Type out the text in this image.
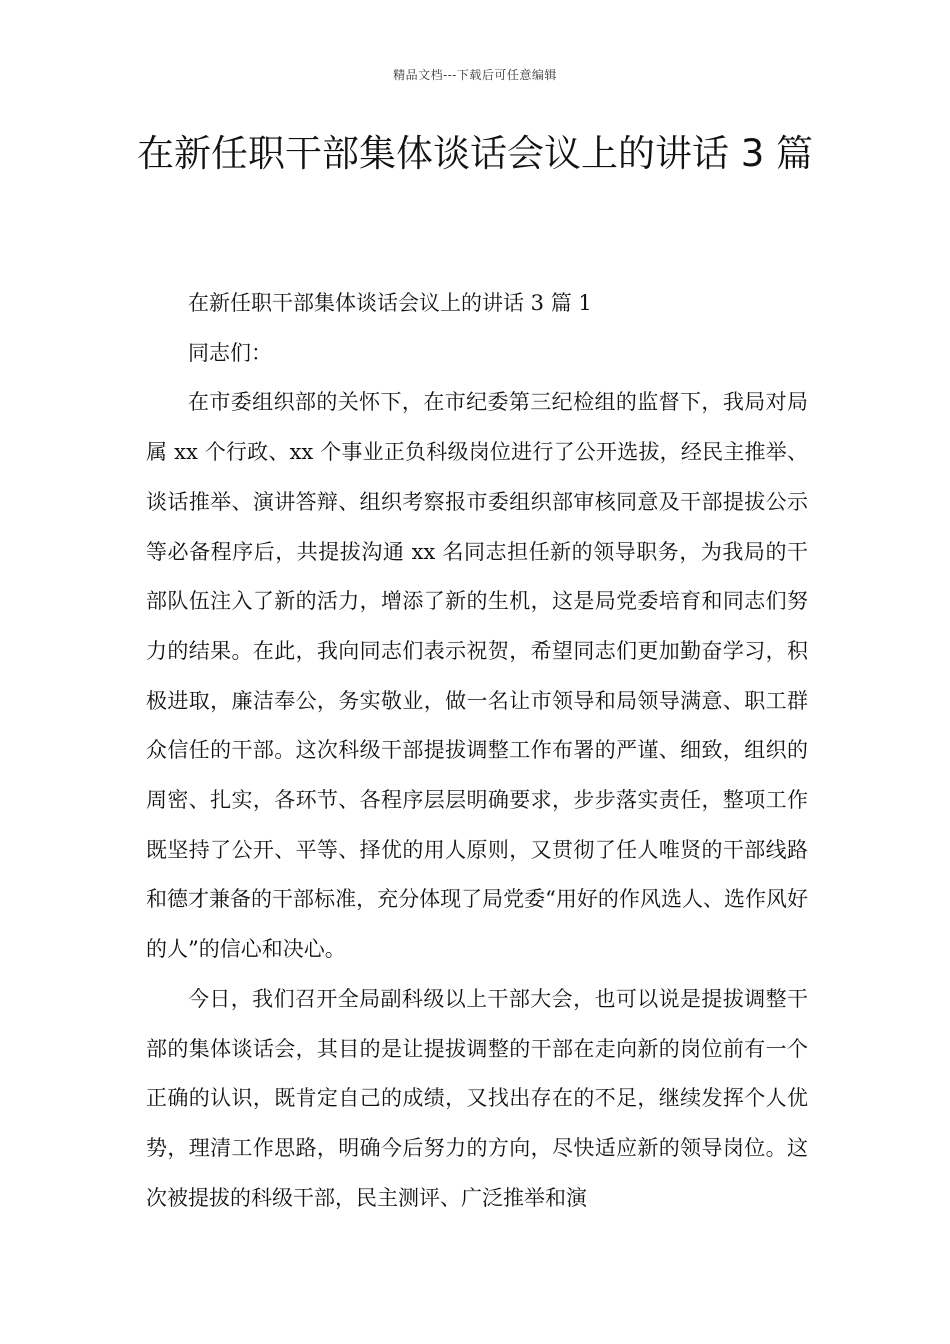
精品文档---下载后可任意编辑
在新任职干部集体谈话会议上的讲话 3 篇

在新任职干部集体谈话会议上的讲话 3 篇 1

同志们：

在市委组织部的关怀下，在市纪委第三纪检组的监督下，我局对局属 xx 个行政、xx 个事业正负科级岗位进行了公开选拔，经民主推举、谈话推举、演讲答辩、组织考察报市委组织部审核同意及干部提拔公示等必备程序后，共提拔沟通 xx 名同志担任新的领导职务，为我局的干部队伍注入了新的活力，增添了新的生机，这是局党委培育和同志们努力的结果。在此，我向同志们表示祝贺，希望同志们更加勤奋学习，积极进取，廉洁奉公，务实敬业，做一名让市领导和局领导满意、职工群众信任的干部。这次科级干部提拔调整工作布署的严谨、细致，组织的周密、扎实，各环节、各程序层层明确要求，步步落实责任，整项工作既坚持了公开、平等、择优的用人原则，又贯彻了任人唯贤的干部线路和德才兼备的干部标准，充分体现了局党委“用好的作风选人、选作风好的人”的信心和决心。

今日，我们召开全局副科级以上干部大会，也可以说是提拔调整干部的集体谈话会，其目的是让提拔调整的干部在走向新的岗位前有一个正确的认识，既肯定自己的成绩，又找出存在的不足，继续发挥个人优势，理清工作思路，明确今后努力的方向，尽快适应新的领导岗位。这次被提拔的科级干部，民主测评、广泛推举和演
